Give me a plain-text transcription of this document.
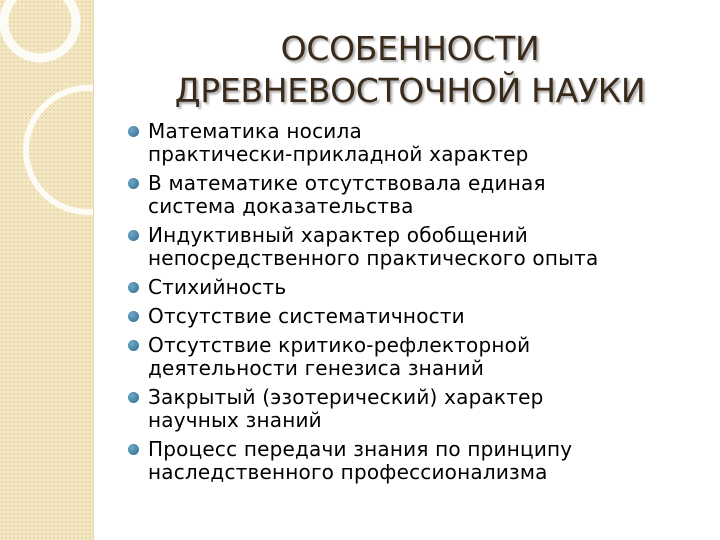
ОСОБЕННОСТИ
ДРЕВНЕВОСТОЧНОЙ НАУКИ
Математика носила
практически-прикладной характер
В математике отсутствовала единая
система доказательства
Индуктивный характер обобщений
непосредственного практического опыта
Стихийность
Отсутствие систематичности
Отсутствие критико-рефлекторной
деятельности генезиса знаний
Закрытый (эзотерический) характер
научных знаний
Процесс передачи знания по принципу
наследственного профессионализма
